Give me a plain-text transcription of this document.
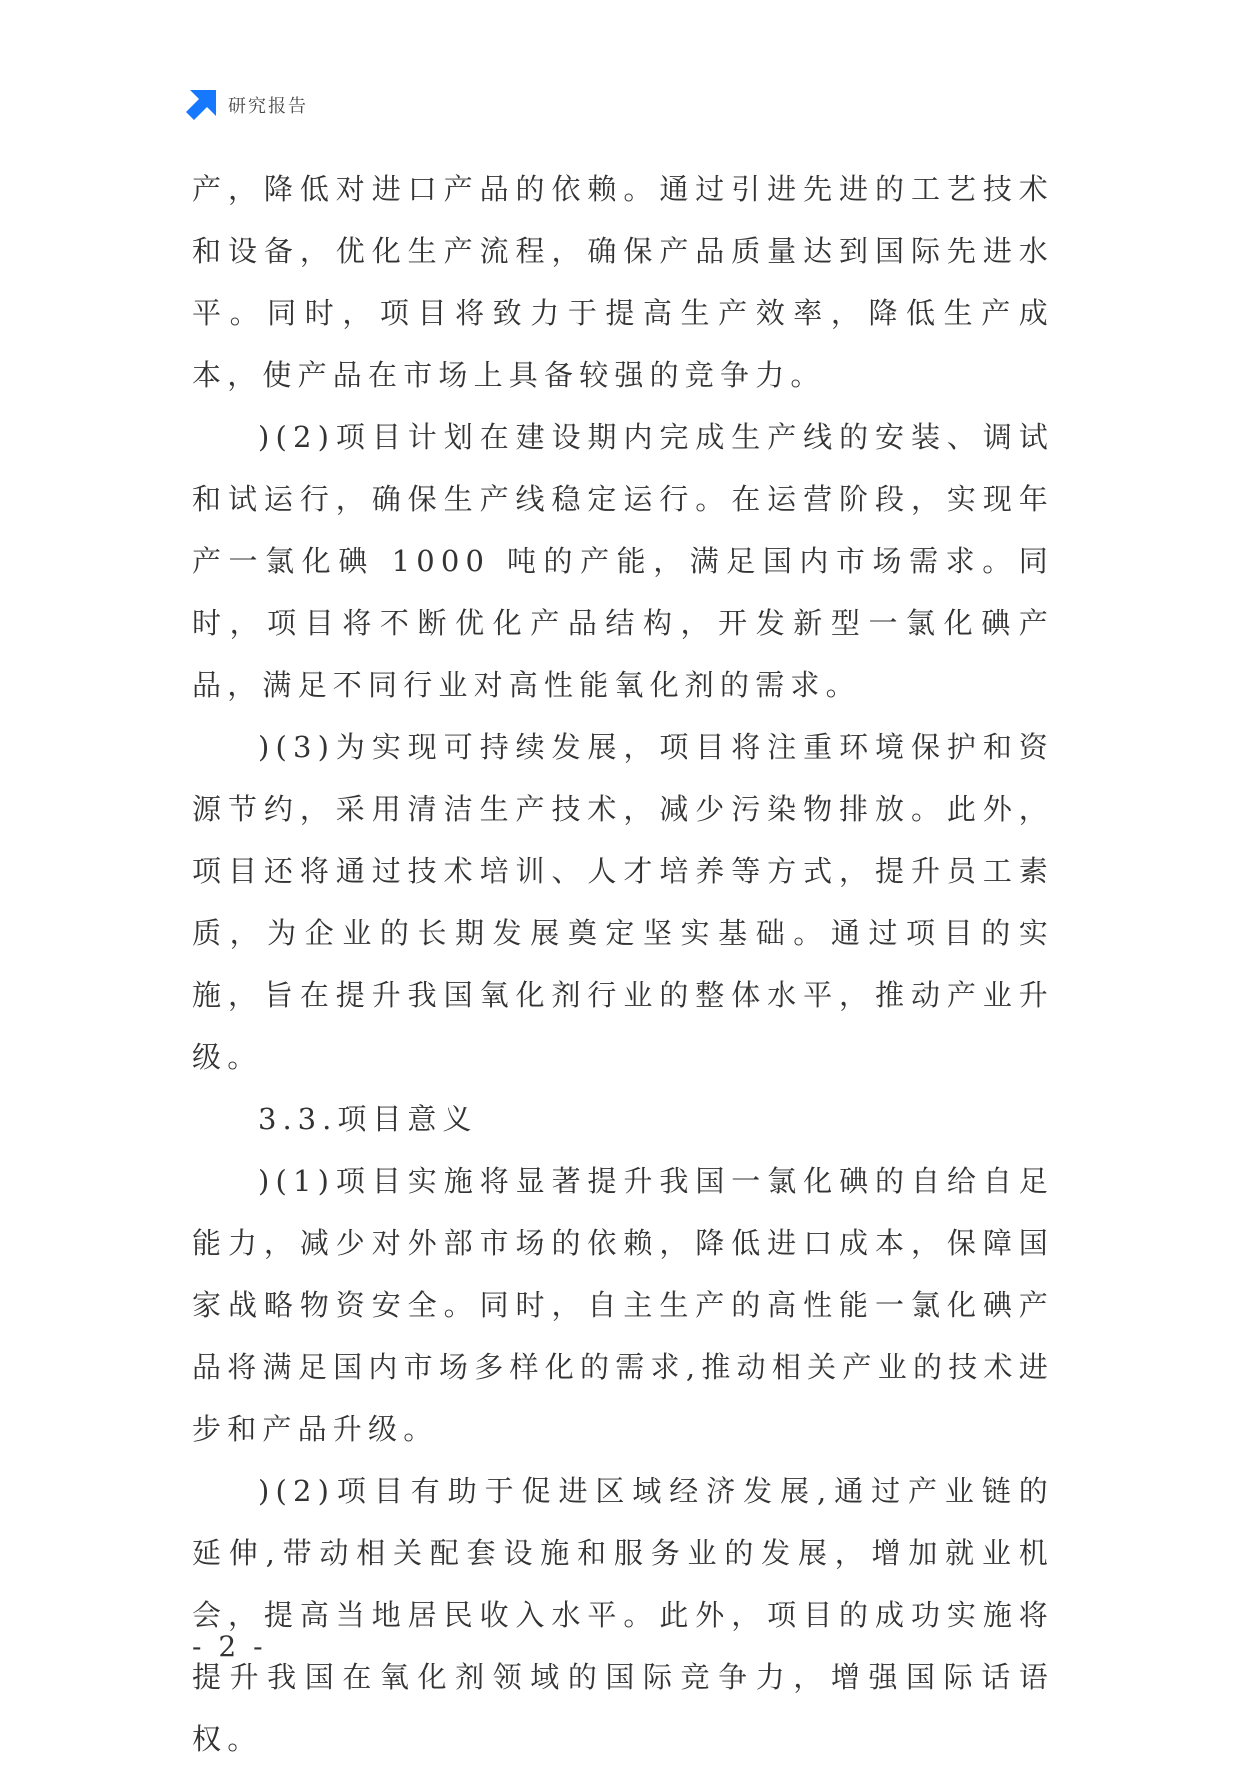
研究报告

产，降低对进口产品的依赖。通过引进先进的工艺技术和设备，优化生产流程，确保产品质量达到国际先进水平。同时，项目将致力于提高生产效率，降低生产成本，使产品在市场上具备较强的竞争力。

)(2)项目计划在建设期内完成生产线的安装、调试和试运行，确保生产线稳定运行。在运营阶段，实现年产一氯化碘 1000 吨的产能，满足国内市场需求。同时，项目将不断优化产品结构，开发新型一氯化碘产品，满足不同行业对高性能氧化剂的需求。

)(3)为实现可持续发展，项目将注重环境保护和资源节约，采用清洁生产技术，减少污染物排放。此外，项目还将通过技术培训、人才培养等方式，提升员工素质，为企业的长期发展奠定坚实基础。通过项目的实施，旨在提升我国氧化剂行业的整体水平，推动产业升级。

3.3.项目意义

)(1)项目实施将显著提升我国一氯化碘的自给自足能力，减少对外部市场的依赖，降低进口成本，保障国家战略物资安全。同时，自主生产的高性能一氯化碘产品将满足国内市场多样化的需求,推动相关产业的技术进步和产品升级。

)(2)项目有助于促进区域经济发展,通过产业链的延伸,带动相关配套设施和服务业的发展，增加就业机会，提高当地居民收入水平。此外，项目的成功实施将提升我国在氧化剂领域的国际竞争力，增强国际话语权。

- 2 -
